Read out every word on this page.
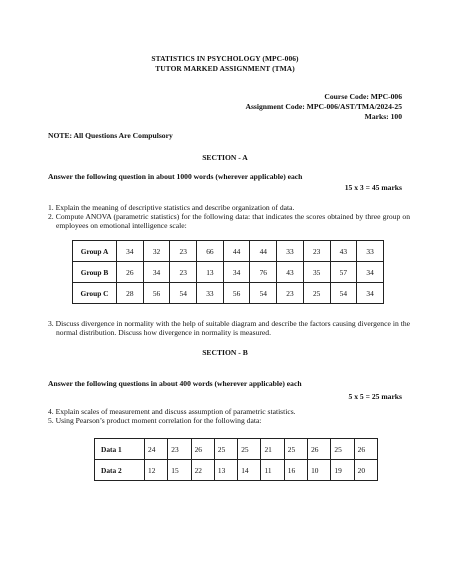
STATISTICS IN PSYCHOLOGY (MPC-006)
TUTOR MARKED ASSIGNMENT (TMA)
Course Code: MPC-006
Assignment Code: MPC-006/AST/TMA/2024-25
Marks: 100
NOTE: All Questions Are Compulsory
SECTION - A
Answer the following question in about 1000 words (wherever applicable) each
15 x 3 = 45 marks
1. Explain the meaning of descriptive statistics and describe organization of data.
2. Compute ANOVA (parametric statistics) for the following data: that indicates the scores obtained by three group on employees on emotional intelligence scale:
Group A	34	32	23	66	44	44	33	23	43	33
Group B	26	34	23	13	34	76	43	35	57	34
Group C	28	56	54	33	56	54	23	25	54	34
3. Discuss divergence in normality with the help of suitable diagram and describe the factors causing divergence in the normal distribution. Discuss how divergence in normality is measured.
SECTION - B
Answer the following questions in about 400 words (wherever applicable) each
5 x 5 = 25 marks
4. Explain scales of measurement and discuss assumption of parametric statistics.
5. Using Pearson’s product moment correlation for the following data:
Data 1	24	23	26	25	25	21	25	26	25	26
Data 2	12	15	22	13	14	11	16	10	19	20
